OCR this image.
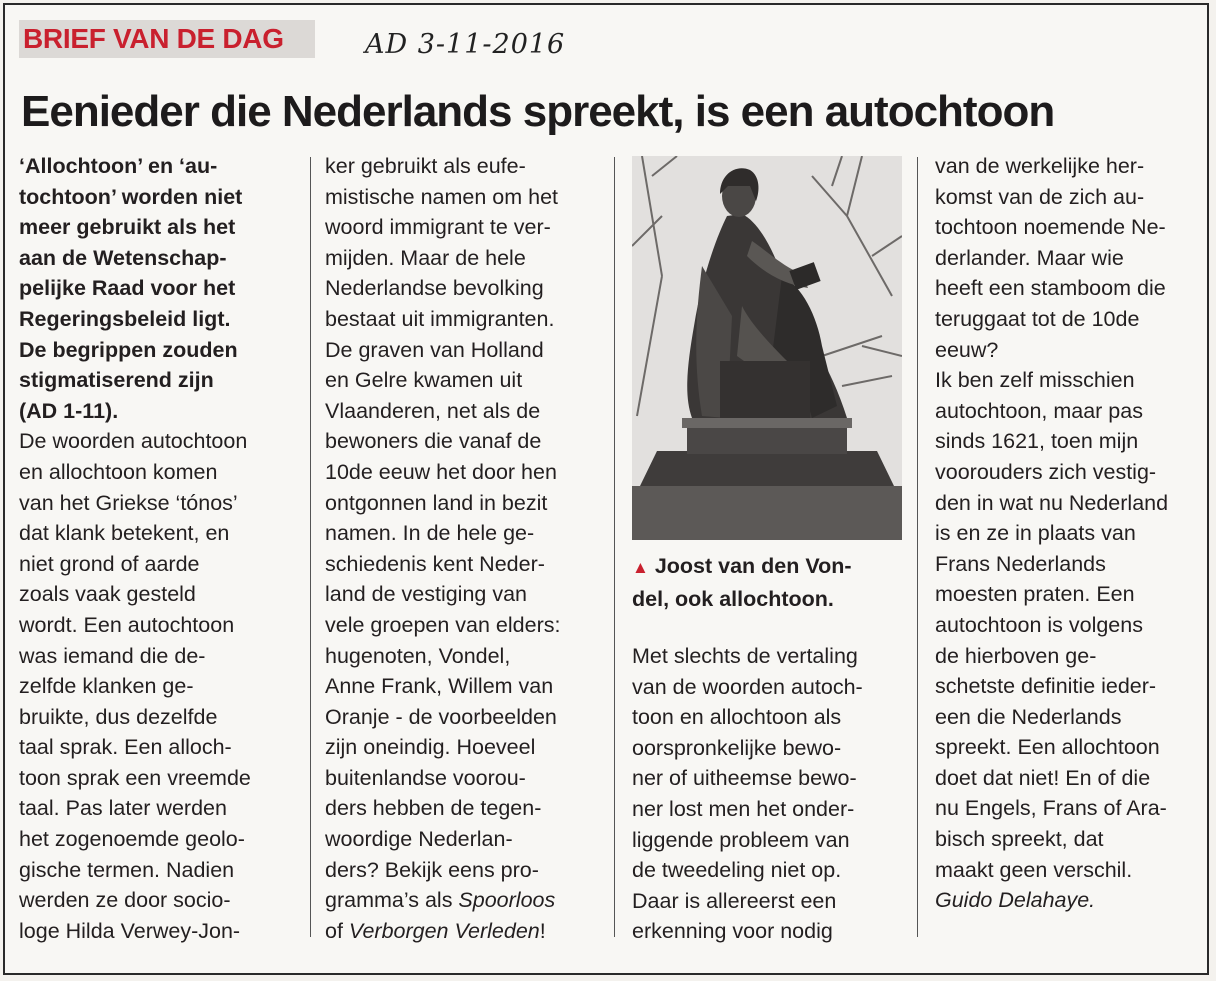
BRIEF VAN DE DAG	AD 3-11-2016
Eenieder die Nederlands spreekt, is een autochtoon

‘Allochtoon’ en ‘au-

tochtoon’ worden niet

meer gebruikt als het

aan de Wetenschap-

pelijke Raad voor het

Regeringsbeleid ligt.

De begrippen zouden

stigmatiserend zijn

(AD 1-11).

De woorden autochtoon

en allochtoon komen

van het Griekse ‘tónos’

dat klank betekent, en

niet grond of aarde

zoals vaak gesteld

wordt. Een autochtoon

was iemand die de-

zelfde klanken ge-

bruikte, dus dezelfde

taal sprak. Een alloch-

toon sprak een vreemde

taal. Pas later werden

het zogenoemde geolo-

gische termen. Nadien

werden ze door socio-

loge Hilda Verwey-Jon-

ker gebruikt als eufe-

mistische namen om het

woord immigrant te ver-

mijden. Maar de hele

Nederlandse bevolking

bestaat uit immigranten.

De graven van Holland

en Gelre kwamen uit

Vlaanderen, net als de

bewoners die vanaf de

10de eeuw het door hen

ontgonnen land in bezit

namen. In de hele ge-

schiedenis kent Neder-

land de vestiging van

vele groepen van elders:

hugenoten, Vondel,

Anne Frank, Willem van

Oranje - de voorbeelden

zijn oneindig. Hoeveel

buitenlandse voorou-

ders hebben de tegen-

woordige Nederlan-

ders? Bekijk eens pro-

gramma’s als Spoorloos
of Verborgen Verleden!
▲ Joost van den Von-
del, ook allochtoon.

Met slechts de vertaling

van de woorden autoch-

toon en allochtoon als

oorspronkelijke bewo-

ner of uitheemse bewo-

ner lost men het onder-

liggende probleem van

de tweedeling niet op.

Daar is allereerst een

erkenning voor nodig

van de werkelijke her-

komst van de zich au-

tochtoon noemende Ne-

derlander. Maar wie

heeft een stamboom die

teruggaat tot de 10de

eeuw?

Ik ben zelf misschien

autochtoon, maar pas

sinds 1621, toen mijn

voorouders zich vestig-

den in wat nu Nederland

is en ze in plaats van

Frans Nederlands

moesten praten. Een

autochtoon is volgens

de hierboven ge-

schetste definitie ieder-

een die Nederlands

spreekt. Een allochtoon

doet dat niet! En of die

nu Engels, Frans of Ara-

bisch spreekt, dat

maakt geen verschil.

Guido Delahaye.
